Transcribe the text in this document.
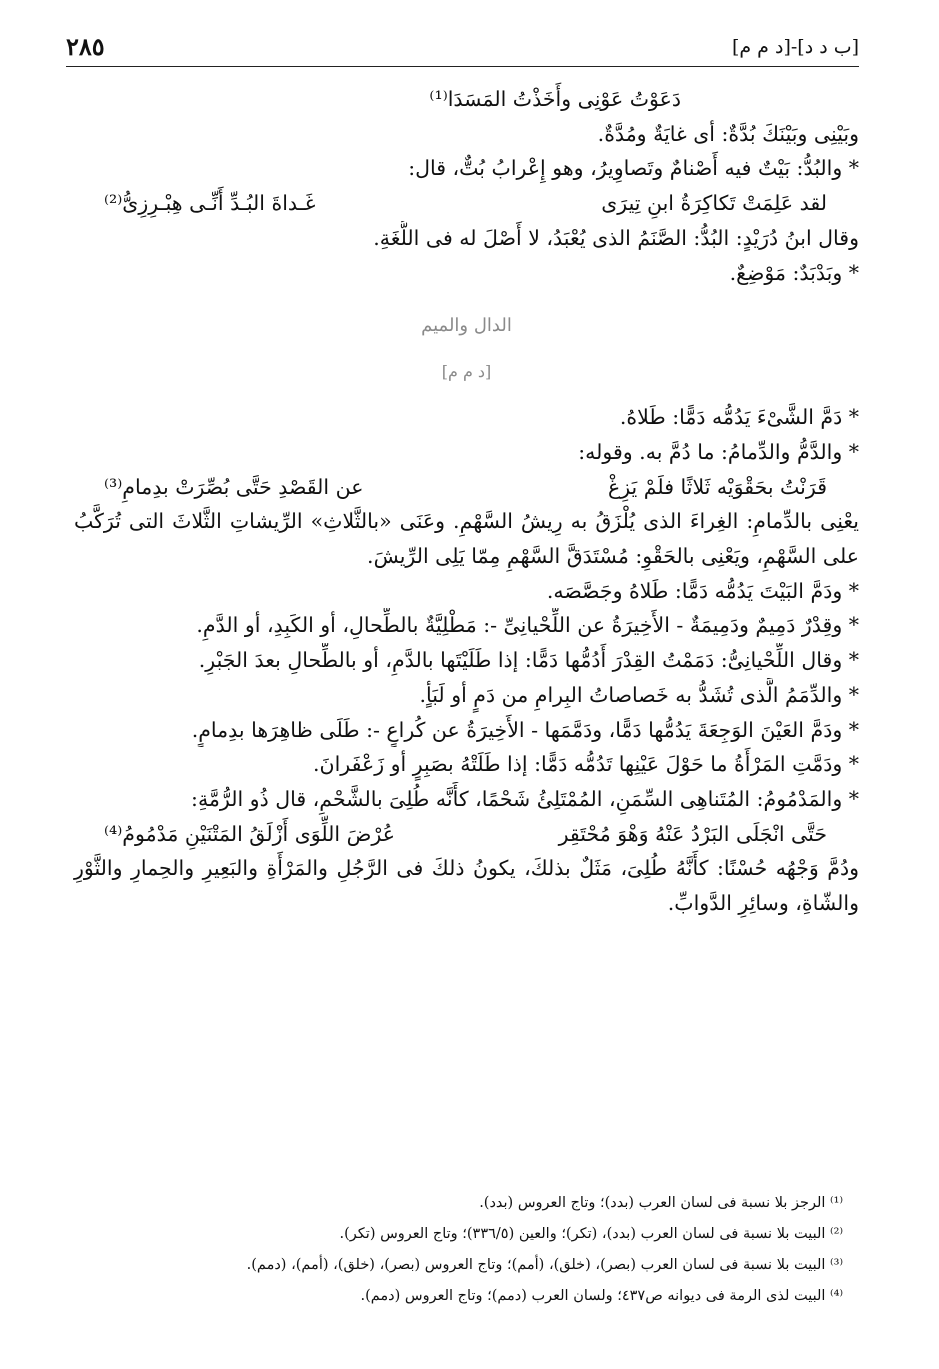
[ب د د]-[د م م]
٢٨٥
دَعَوْتُ عَوْنِى وأَخَذْتُ المَسَدَا⁽¹⁾
وبَيْنِى وبَيْنَكَ بُدَّةٌ: أى غايَةٌ ومُدَّةٌ.
* والبُدُّ: بَيْتٌ فيه أَصْنامٌ وتَصاوِيرُ، وهو إِعْرابُ بُتٌّ، قال:
لقد عَلِمَتْ تَكاكِرَةُ ابنِ تِيرَى
غَـداةَ البُـدِّ أَنِّـى هِبْـرِزِىُّ⁽²⁾
وقال ابنُ دُرَيْدٍ: البُدُّ: الصَّنَمُ الذى يُعْبَدُ، لا أَصْلَ له فى اللُّغَةِ.
* وبَدْبَدٌ: مَوْضِعٌ.
الدال والميم
[د م م]
* دَمَّ الشَّىْءَ يَدُمُّه دَمًّا: طَلاهُ.
* والدَّمُّ والدِّمامُ: ما دُمَّ به. وقوله:
قَرَنْتُ بحَقْوَيْه ثَلاثًا فلَمْ يَزِغْ
عن القَصْدِ حَتَّى بُصِّرَتْ بدِمامِ⁽³⁾
يعْنِى بالدِّمامِ: الغِراءَ الذى يُلْزَقُ به رِيشُ السَّهْمِ. وعَنَى «بالثَّلاثِ» الرِّيشاتِ الثَّلاثَ التى تُرَكَّبُ على السَّهْمِ، ويَعْنِى بالحَقْوِ: مُسْتَدَقَّ السَّهْمِ مِمّا يَلِى الرِّيشَ.
* ودَمَّ البَيْتَ يَدُمُّه دَمًّا: طَلاهُ وجَصَّصَه.
* وقِدْرٌ دَمِيمٌ ودَمِيمَةٌ - الأَخِيرَةُ عن اللِّحْيانِىِّ -: مَطْلِيَّةٌ بالطِّحالِ، أو الكَبِدِ، أو الدَّمِ.
* وقال اللِّحْيانِىُّ: دَمَمْتُ القِدْرَ أَدُمُّها دَمًّا: إذا طَلَيْتَها بالدَّمِ، أو بالطِّحالِ بعدَ الجَبْرِ.
* والدِّمَمُ الَّذى تُشَدُّ به خَصاصاتُ البِرامِ من دَمٍ أو لَبَأٍ.
* ودَمَّ العَيْنَ الوَجِعَةَ يَدُمُّها دَمًّا، ودَمَّمَها - الأَخِيرَةُ عن كُراعٍ -: طَلَى ظاهِرَها بدِمامٍ.
* ودَمَّتِ المَرْأَةُ ما حَوْلَ عَيْنِها تَدُمُّه دَمًّا: إذا طَلَتْهُ بصَبِرٍ أو زَعْفَرانَ.
* والمَدْمُومُ: المُتَناهِى السِّمَنِ، المُمْتَلِئُ شَحْمًا، كأَنَّه طُلِىَ بالشَّحْمِ، قال ذُو الرُّمَّةِ:
حَتَّى انْجَلَى البَرْدُ عَنْهُ وَهْوَ مُحْتَقِر
عُرْضَ اللِّوَى أَزْلَقُ المَتْنَيْنِ مَدْمُومُ⁽⁴⁾
ودُمَّ وَجْهُه حُسْنًا: كأَنَّهُ طُلِىَ، مَثَلٌ بذلكَ، يكونُ ذلكَ فى الرَّجُلِ والمَرْأَةِ والبَعِيرِ والحِمارِ والثَّوْرِ والشّاةِ، وسائِرِ الدَّوابِّ.
⁽¹⁾ الرجز بلا نسبة فى لسان العرب (بدد)؛ وتاج العروس (بدد).
⁽²⁾ البيت بلا نسبة فى لسان العرب (بدد)، (تكر)؛ والعين (٣٣٦/٥)؛ وتاج العروس (تكر).
⁽³⁾ البيت بلا نسبة فى لسان العرب (بصر)، (خلق)، (أمم)؛ وتاج العروس (بصر)، (خلق)، (أمم)، (دمم).
⁽⁴⁾ البيت لذى الرمة فى ديوانه ص٤٣٧؛ ولسان العرب (دمم)؛ وتاج العروس (دمم).
